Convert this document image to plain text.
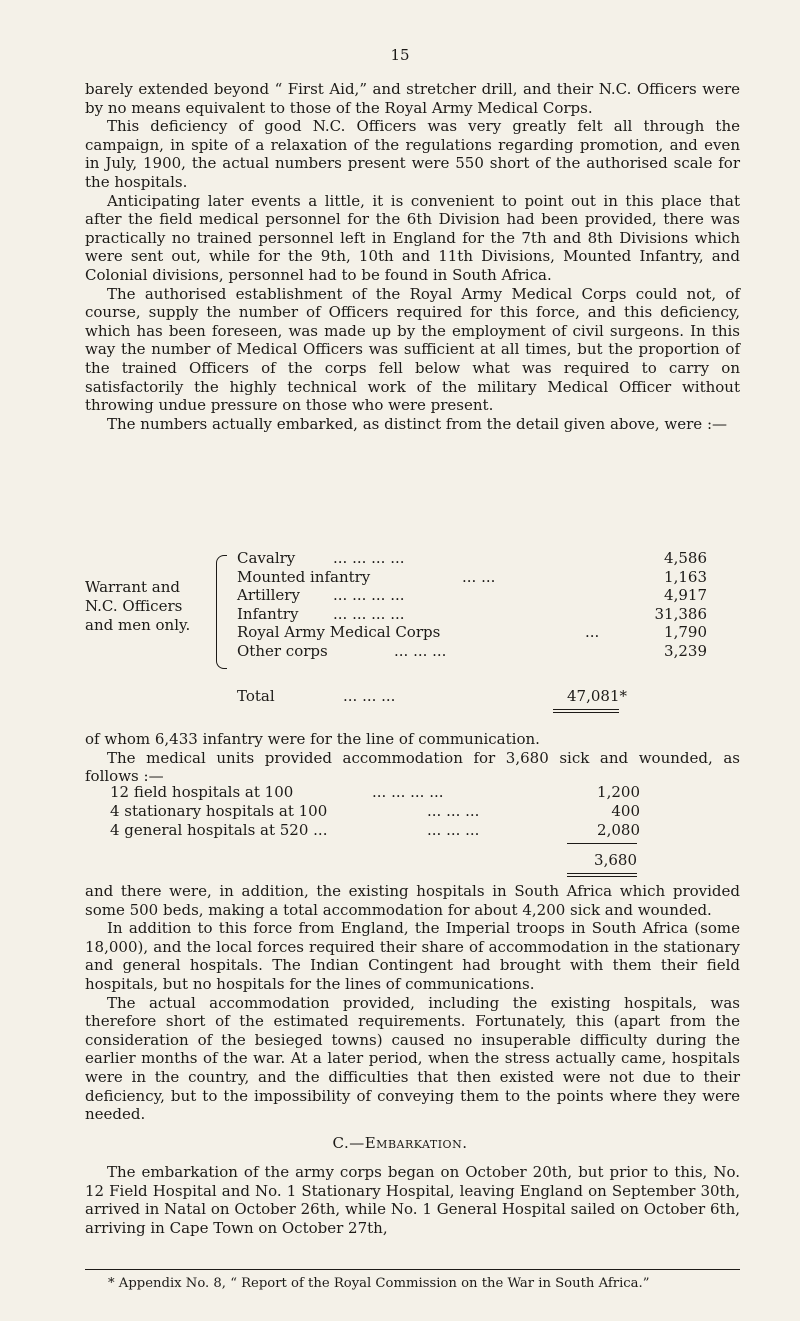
15

barely extended beyond “ First Aid,” and stretcher drill, and their N.C. Officers were by no means equivalent to those of the Royal Army Medical Corps.

This deficiency of good N.C. Officers was very greatly felt all through the campaign, in spite of a relaxation of the regulations regarding promotion, and even in July, 1900, the actual numbers present were 550 short of the authorised scale for the hospitals.

Anticipating later events a little, it is convenient to point out in this place that after the field medical personnel for the 6th Division had been provided, there was practically no trained personnel left in England for the 7th and 8th Divisions which were sent out, while for the 9th, 10th and 11th Divisions, Mounted Infantry, and Colonial divisions, personnel had to be found in South Africa.

The authorised establishment of the Royal Army Medical Corps could not, of course, supply the number of Officers required for this force, and this deficiency, which has been foreseen, was made up by the employment of civil surgeons. In this way the number of Medical Officers was sufficient at all times, but the proportion of the trained Officers of the corps fell below what was required to carry on satisfactorily the highly technical work of the military Medical Officer without throwing undue pressure on those who were present.

The numbers actually embarked, as distinct from the detail given above, were :—

Warrant and N.C. Officers and men only.
Cavalry	... ... ... ...	4,586
Mounted infantry	... ...	1,163
Artillery ... ... ... ...	4,917
Infantry ... ... ... ...	31,386
Royal Army Medical Corps	...	1,790
Other corps	... ... ...	3,239
Total	... ... ...	47,081*

of whom 6,433 infantry were for the line of communication.

The medical units provided accommodation for 3,680 sick and wounded, as follows :—

12 field hospitals at 100	... ... ... ...	1,200
4 stationary hospitals at 100	... ... ...	400
4 general hospitals at 520 ...	... ... ...	2,080
3,680

and there were, in addition, the existing hospitals in South Africa which provided some 500 beds, making a total accommodation for about 4,200 sick and wounded.

In addition to this force from England, the Imperial troops in South Africa (some 18,000), and the local forces required their share of accommodation in the stationary and general hospitals. The Indian Contingent had brought with them their field hospitals, but no hospitals for the lines of communications.

The actual accommodation provided, including the existing hospitals, was therefore short of the estimated requirements. Fortunately, this (apart from the consideration of the besieged towns) caused no insuperable difficulty during the earlier months of the war. At a later period, when the stress actually came, hospitals were in the country, and the difficulties that then existed were not due to their deficiency, but to the impossibility of conveying them to the points where they were needed.

C.—Embarkation.

The embarkation of the army corps began on October 20th, but prior to this, No. 12 Field Hospital and No. 1 Stationary Hospital, leaving England on September 30th, arrived in Natal on October 26th, while No. 1 General Hospital sailed on October 6th, arriving in Cape Town on October 27th,

* Appendix No. 8, “ Report of the Royal Commission on the War in South Africa.”
